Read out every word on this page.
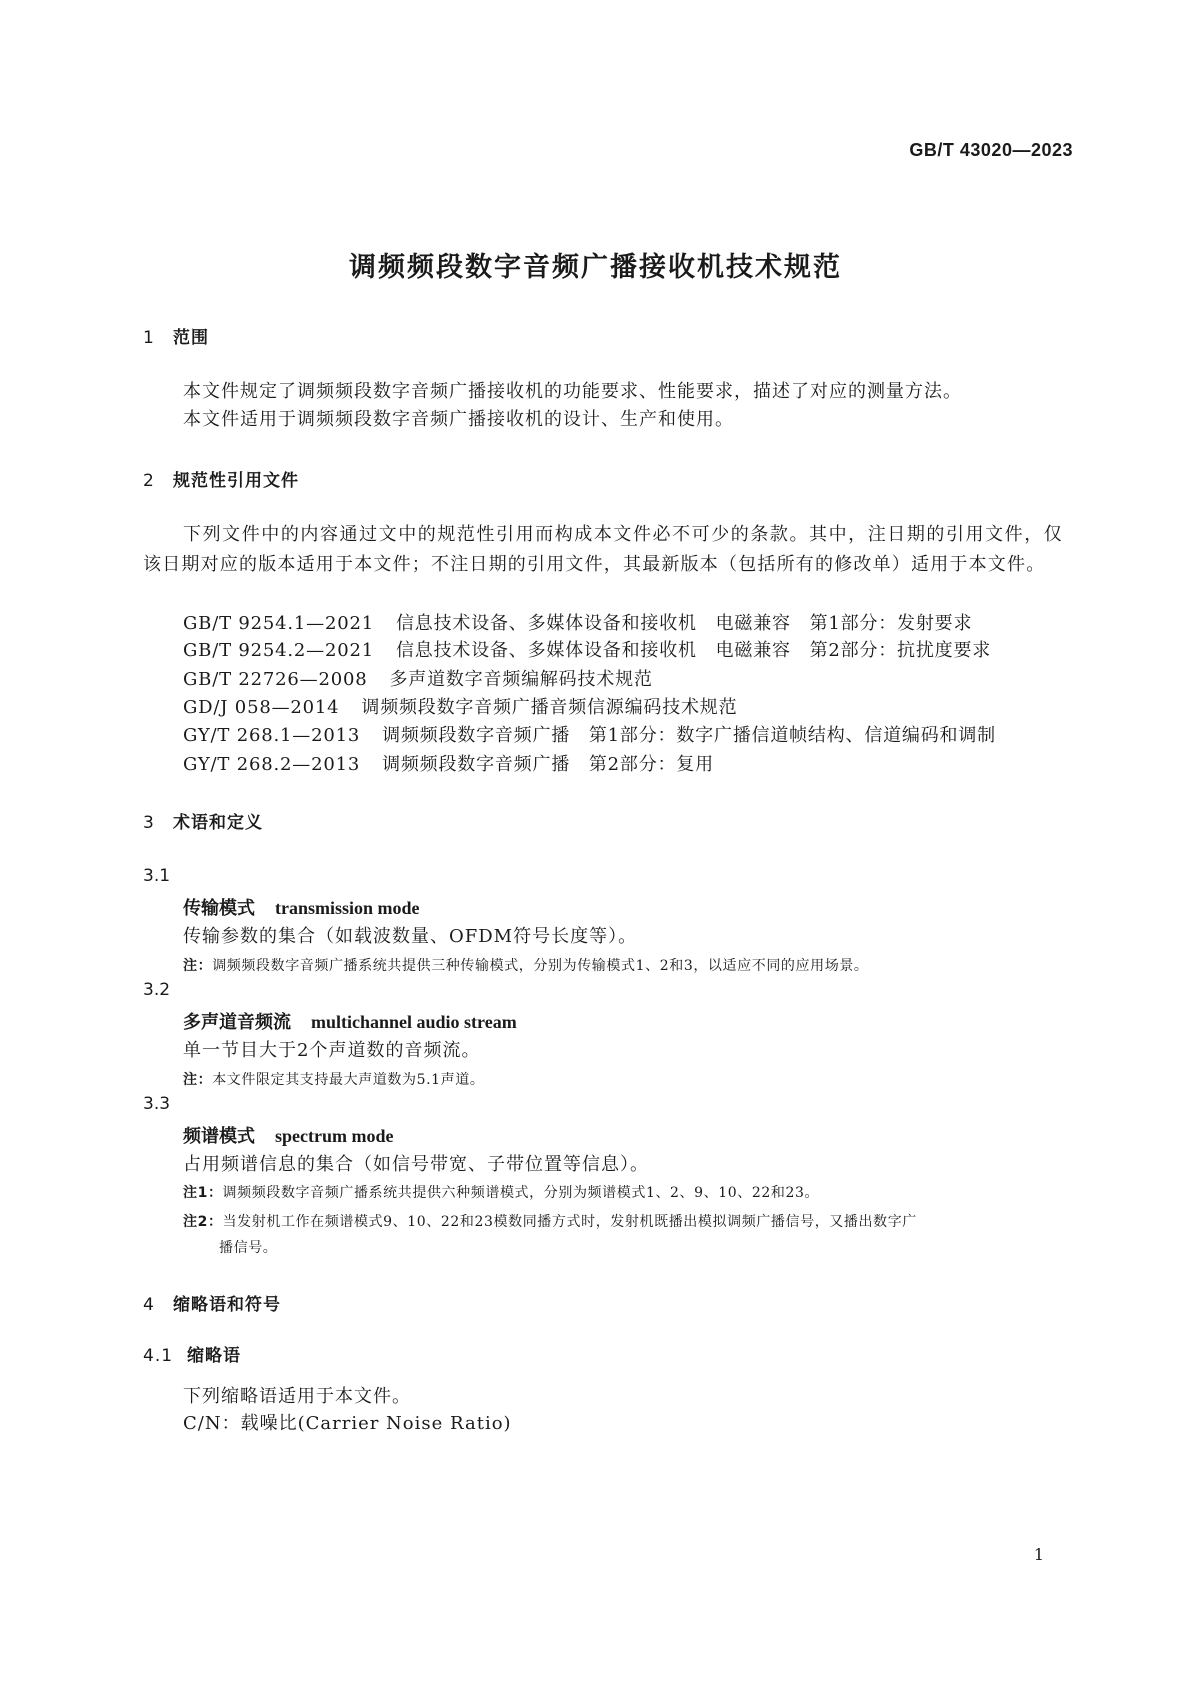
GB/T 43020—2023
调频频段数字音频广播接收机技术规范
1 范围
本文件规定了调频频段数字音频广播接收机的功能要求、性能要求，描述了对应的测量方法。
本文件适用于调频频段数字音频广播接收机的设计、生产和使用。
2 规范性引用文件
下列文件中的内容通过文中的规范性引用而构成本文件必不可少的条款。其中，注日期的引用文件，仅该日期对应的版本适用于本文件；不注日期的引用文件，其最新版本（包括所有的修改单）适用于本文件。
GB/T 9254.1—2021 信息技术设备、多媒体设备和接收机　电磁兼容　第1部分：发射要求
GB/T 9254.2—2021 信息技术设备、多媒体设备和接收机　电磁兼容　第2部分：抗扰度要求
GB/T 22726—2008 多声道数字音频编解码技术规范
GD/J 058—2014 调频频段数字音频广播音频信源编码技术规范
GY/T 268.1—2013 调频频段数字音频广播　第1部分：数字广播信道帧结构、信道编码和调制
GY/T 268.2—2013 调频频段数字音频广播　第2部分：复用
3 术语和定义
3.1
传输模式 transmission mode
传输参数的集合（如载波数量、OFDM符号长度等）。
注：调频频段数字音频广播系统共提供三种传输模式，分别为传输模式1、2和3，以适应不同的应用场景。
3.2
多声道音频流 multichannel audio stream
单一节目大于2个声道数的音频流。
注：本文件限定其支持最大声道数为5.1声道。
3.3
频谱模式 spectrum mode
占用频谱信息的集合（如信号带宽、子带位置等信息）。
注1：调频频段数字音频广播系统共提供六种频谱模式，分别为频谱模式1、2、9、10、22和23。
注2：当发射机工作在频谱模式9、10、22和23模数同播方式时，发射机既播出模拟调频广播信号，又播出数字广
播信号。
4 缩略语和符号
4.1 缩略语
下列缩略语适用于本文件。
C/N：载噪比(Carrier Noise Ratio)
1
